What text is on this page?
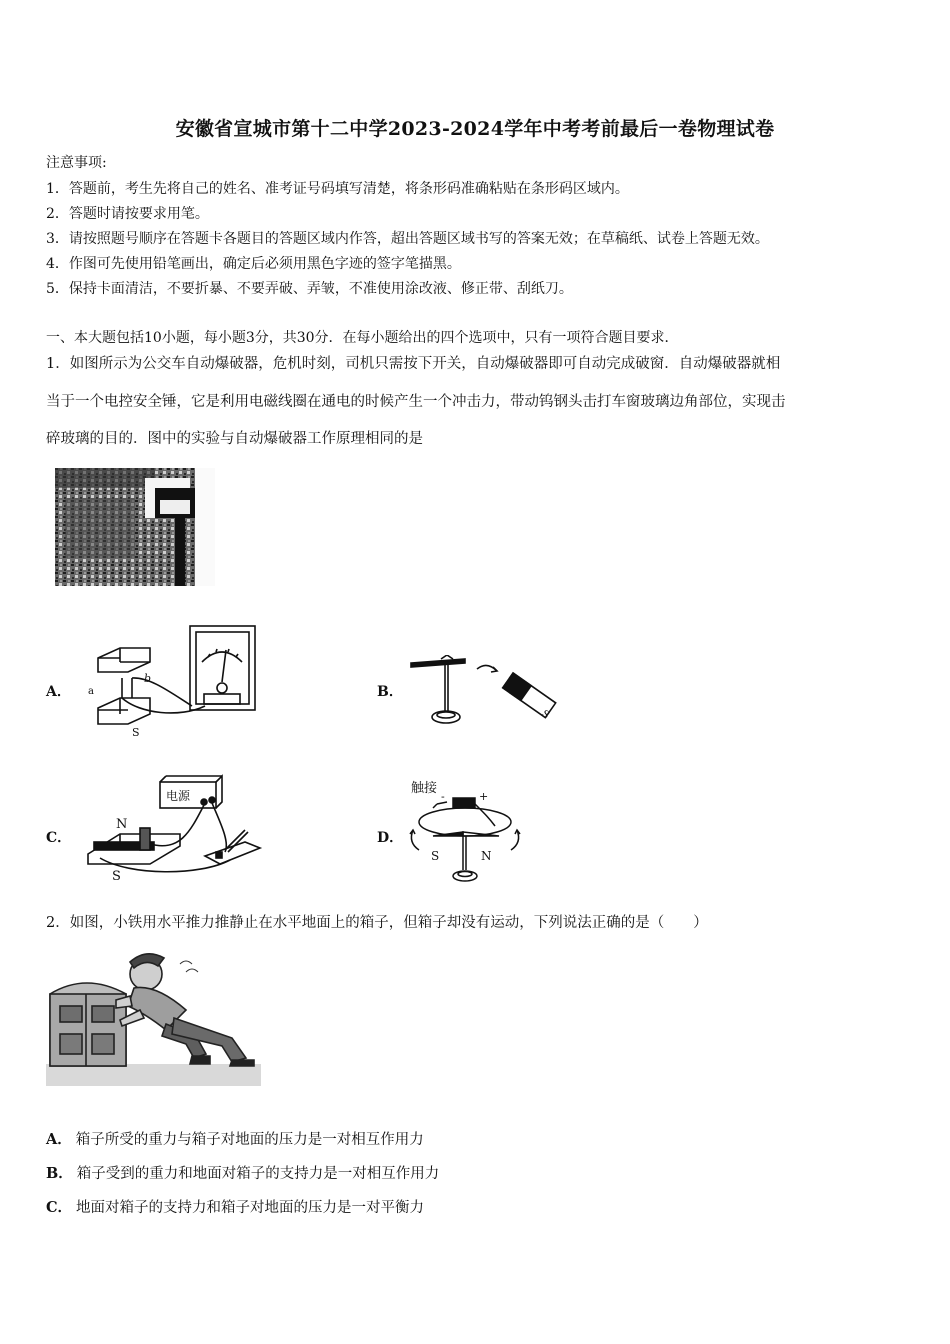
安徽省宣城市第十二中学2023-2024学年中考考前最后一卷物理试卷
注意事项:
1．答题前，考生先将自己的姓名、准考证号码填写清楚，将条形码准确粘贴在条形码区域内。
2．答题时请按要求用笔。
3．请按照题号顺序在答题卡各题目的答题区域内作答，超出答题区域书写的答案无效；在草稿纸、试卷上答题无效。
4．作图可先使用铅笔画出，确定后必须用黑色字迹的签字笔描黑。
5．保持卡面清洁，不要折暴、不要弄破、弄皱，不准使用涂改液、修正带、刮纸刀。
一、本大题包括10小题，每小题3分，共30分．在每小题给出的四个选项中，只有一项符合题目要求．
1．如图所示为公交车自动爆破器，危机时刻，司机只需按下开关，自动爆破器即可自动完成破窗．自动爆破器就相
当于一个电控安全锤，它是利用电磁线圈在通电的时候产生一个冲击力，带动钨钢头击打车窗玻璃边角部位，实现击
碎玻璃的目的．图中的实验与自动爆破器工作原理相同的是
A．
b
a
S
B．
S
C．
电源
N
S
D．
触接
+
-
S	N
2．如图，小铁用水平推力推静止在水平地面上的箱子，但箱子却没有运动，下列说法正确的是（　　）
A． 箱子所受的重力与箱子对地面的压力是一对相互作用力
B． 箱子受到的重力和地面对箱子的支持力是一对相互作用力
C． 地面对箱子的支持力和箱子对地面的压力是一对平衡力
